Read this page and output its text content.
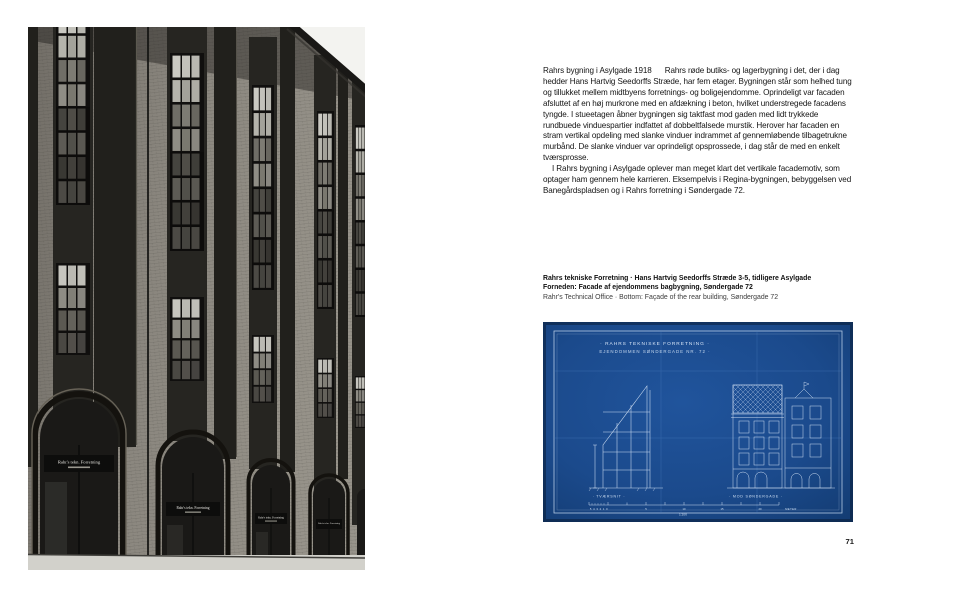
Rahr's tekn. Forretning
Rahr's tekn. Forretning
Rahr's tekn. Forretning
Rahr's tekn. Forretning

Rahrs bygning i Asylgade 1918 Rahrs røde butiks- og lagerbygning i det, der i dag hedder Hans Hartvig Seedorffs Stræde, har fem etager. Bygningen står som helhed tung og tillukket mellem midtbyens forretnings- og boligejendomme. Oprindeligt var facaden afsluttet af en høj murkrone med en afdækning i beton, hvilket understregede facadens tyngde. I stueetagen åbner bygningen sig taktfast mod gaden med lidt trykkede rundbuede vinduespartier indfattet af dobbeltfalsede murstik. Herover har facaden en stram vertikal opdeling med slanke vinduer indrammet af gennemløbende tilbagetrukne murbånd. De slanke vinduer var oprindeligt opsprossede, i dag står de med en enkelt tværsprosse.

I Rahrs bygning i Asylgade oplever man meget klart det vertikale facademotiv, som optager ham gennem hele karrieren. Eksempelvis i Regina-bygningen, bebyggelsen ved Banegårdspladsen og i Rahrs forretning i Søndergade 72.

Rahrs tekniske Forretning · Hans Hartvig Seedorffs Stræde 3-5, tidligere Asylgade
Forneden: Facade af ejendommens bagbygning, Søndergade 72
Rahr's Technical Office · Bottom: Façade of the rear building, Søndergade 72
· RAHRS TEKNISKE FORRETNING ·
EJENDOMMEN SØNDERGADE NR. 72 ·
· TVÆRSNIT ·	· MOD SØNDERGADE ·
5 4 3 2 1 0	5	10	15	20	METER
1:100
71
